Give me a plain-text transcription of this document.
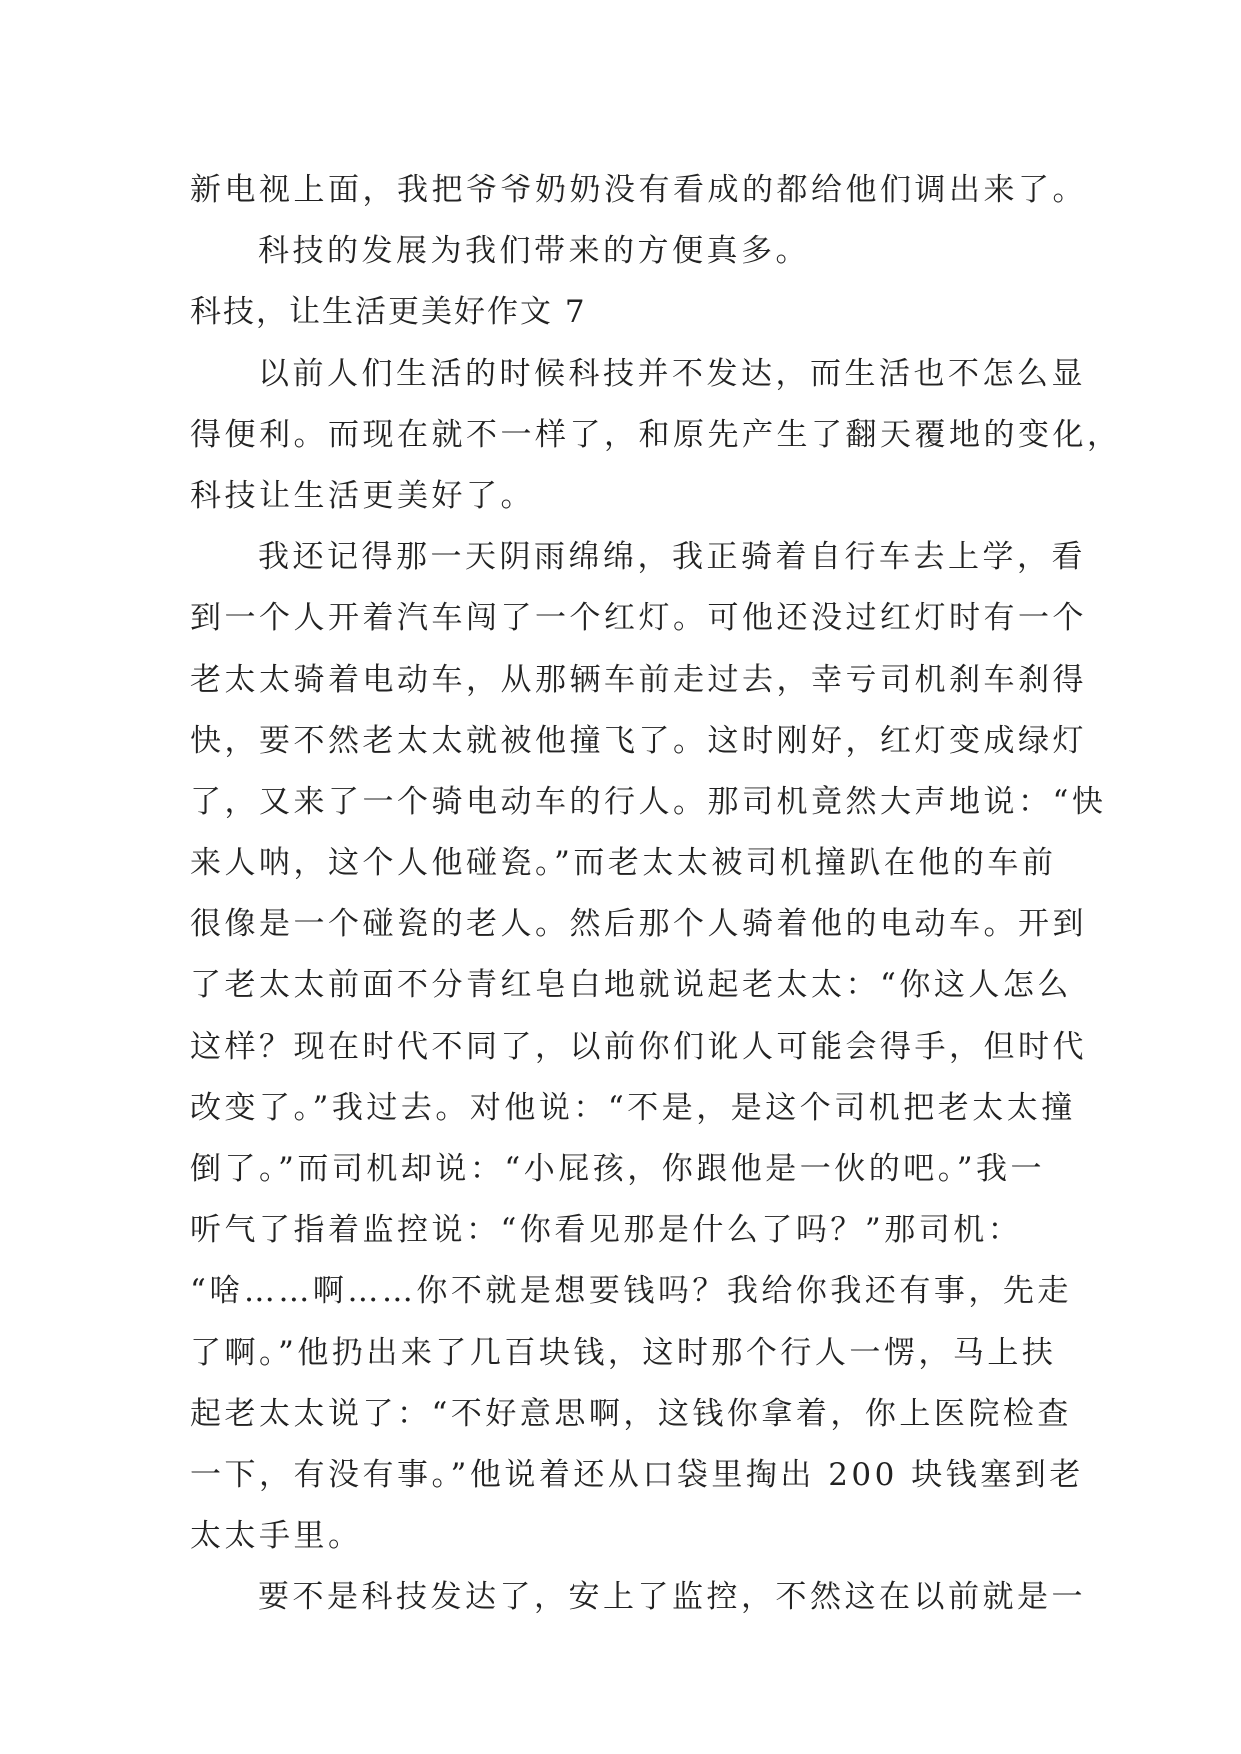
新电视上面，我把爷爷奶奶没有看成的都给他们调出来了。
科技的发展为我们带来的方便真多。
科技，让生活更美好作文 7
以前人们生活的时候科技并不发达，而生活也不怎么显
得便利。而现在就不一样了，和原先产生了翻天覆地的变化，
科技让生活更美好了。
我还记得那一天阴雨绵绵，我正骑着自行车去上学，看
到一个人开着汽车闯了一个红灯。可他还没过红灯时有一个
老太太骑着电动车，从那辆车前走过去，幸亏司机刹车刹得
快，要不然老太太就被他撞飞了。这时刚好，红灯变成绿灯
了，又来了一个骑电动车的行人。那司机竟然大声地说：“快
来人呐，这个人他碰瓷。”而老太太被司机撞趴在他的车前
很像是一个碰瓷的老人。然后那个人骑着他的电动车。开到
了老太太前面不分青红皂白地就说起老太太：“你这人怎么
这样？现在时代不同了，以前你们讹人可能会得手，但时代
改变了。”我过去。对他说：“不是，是这个司机把老太太撞
倒了。”而司机却说：“小屁孩，你跟他是一伙的吧。”我一
听气了指着监控说：“你看见那是什么了吗？”那司机：
“啥……啊……你不就是想要钱吗？我给你我还有事，先走
了啊。”他扔出来了几百块钱，这时那个行人一愣，马上扶
起老太太说了：“不好意思啊，这钱你拿着，你上医院检查
一下，有没有事。”他说着还从口袋里掏出 200 块钱塞到老
太太手里。
要不是科技发达了，安上了监控，不然这在以前就是一
